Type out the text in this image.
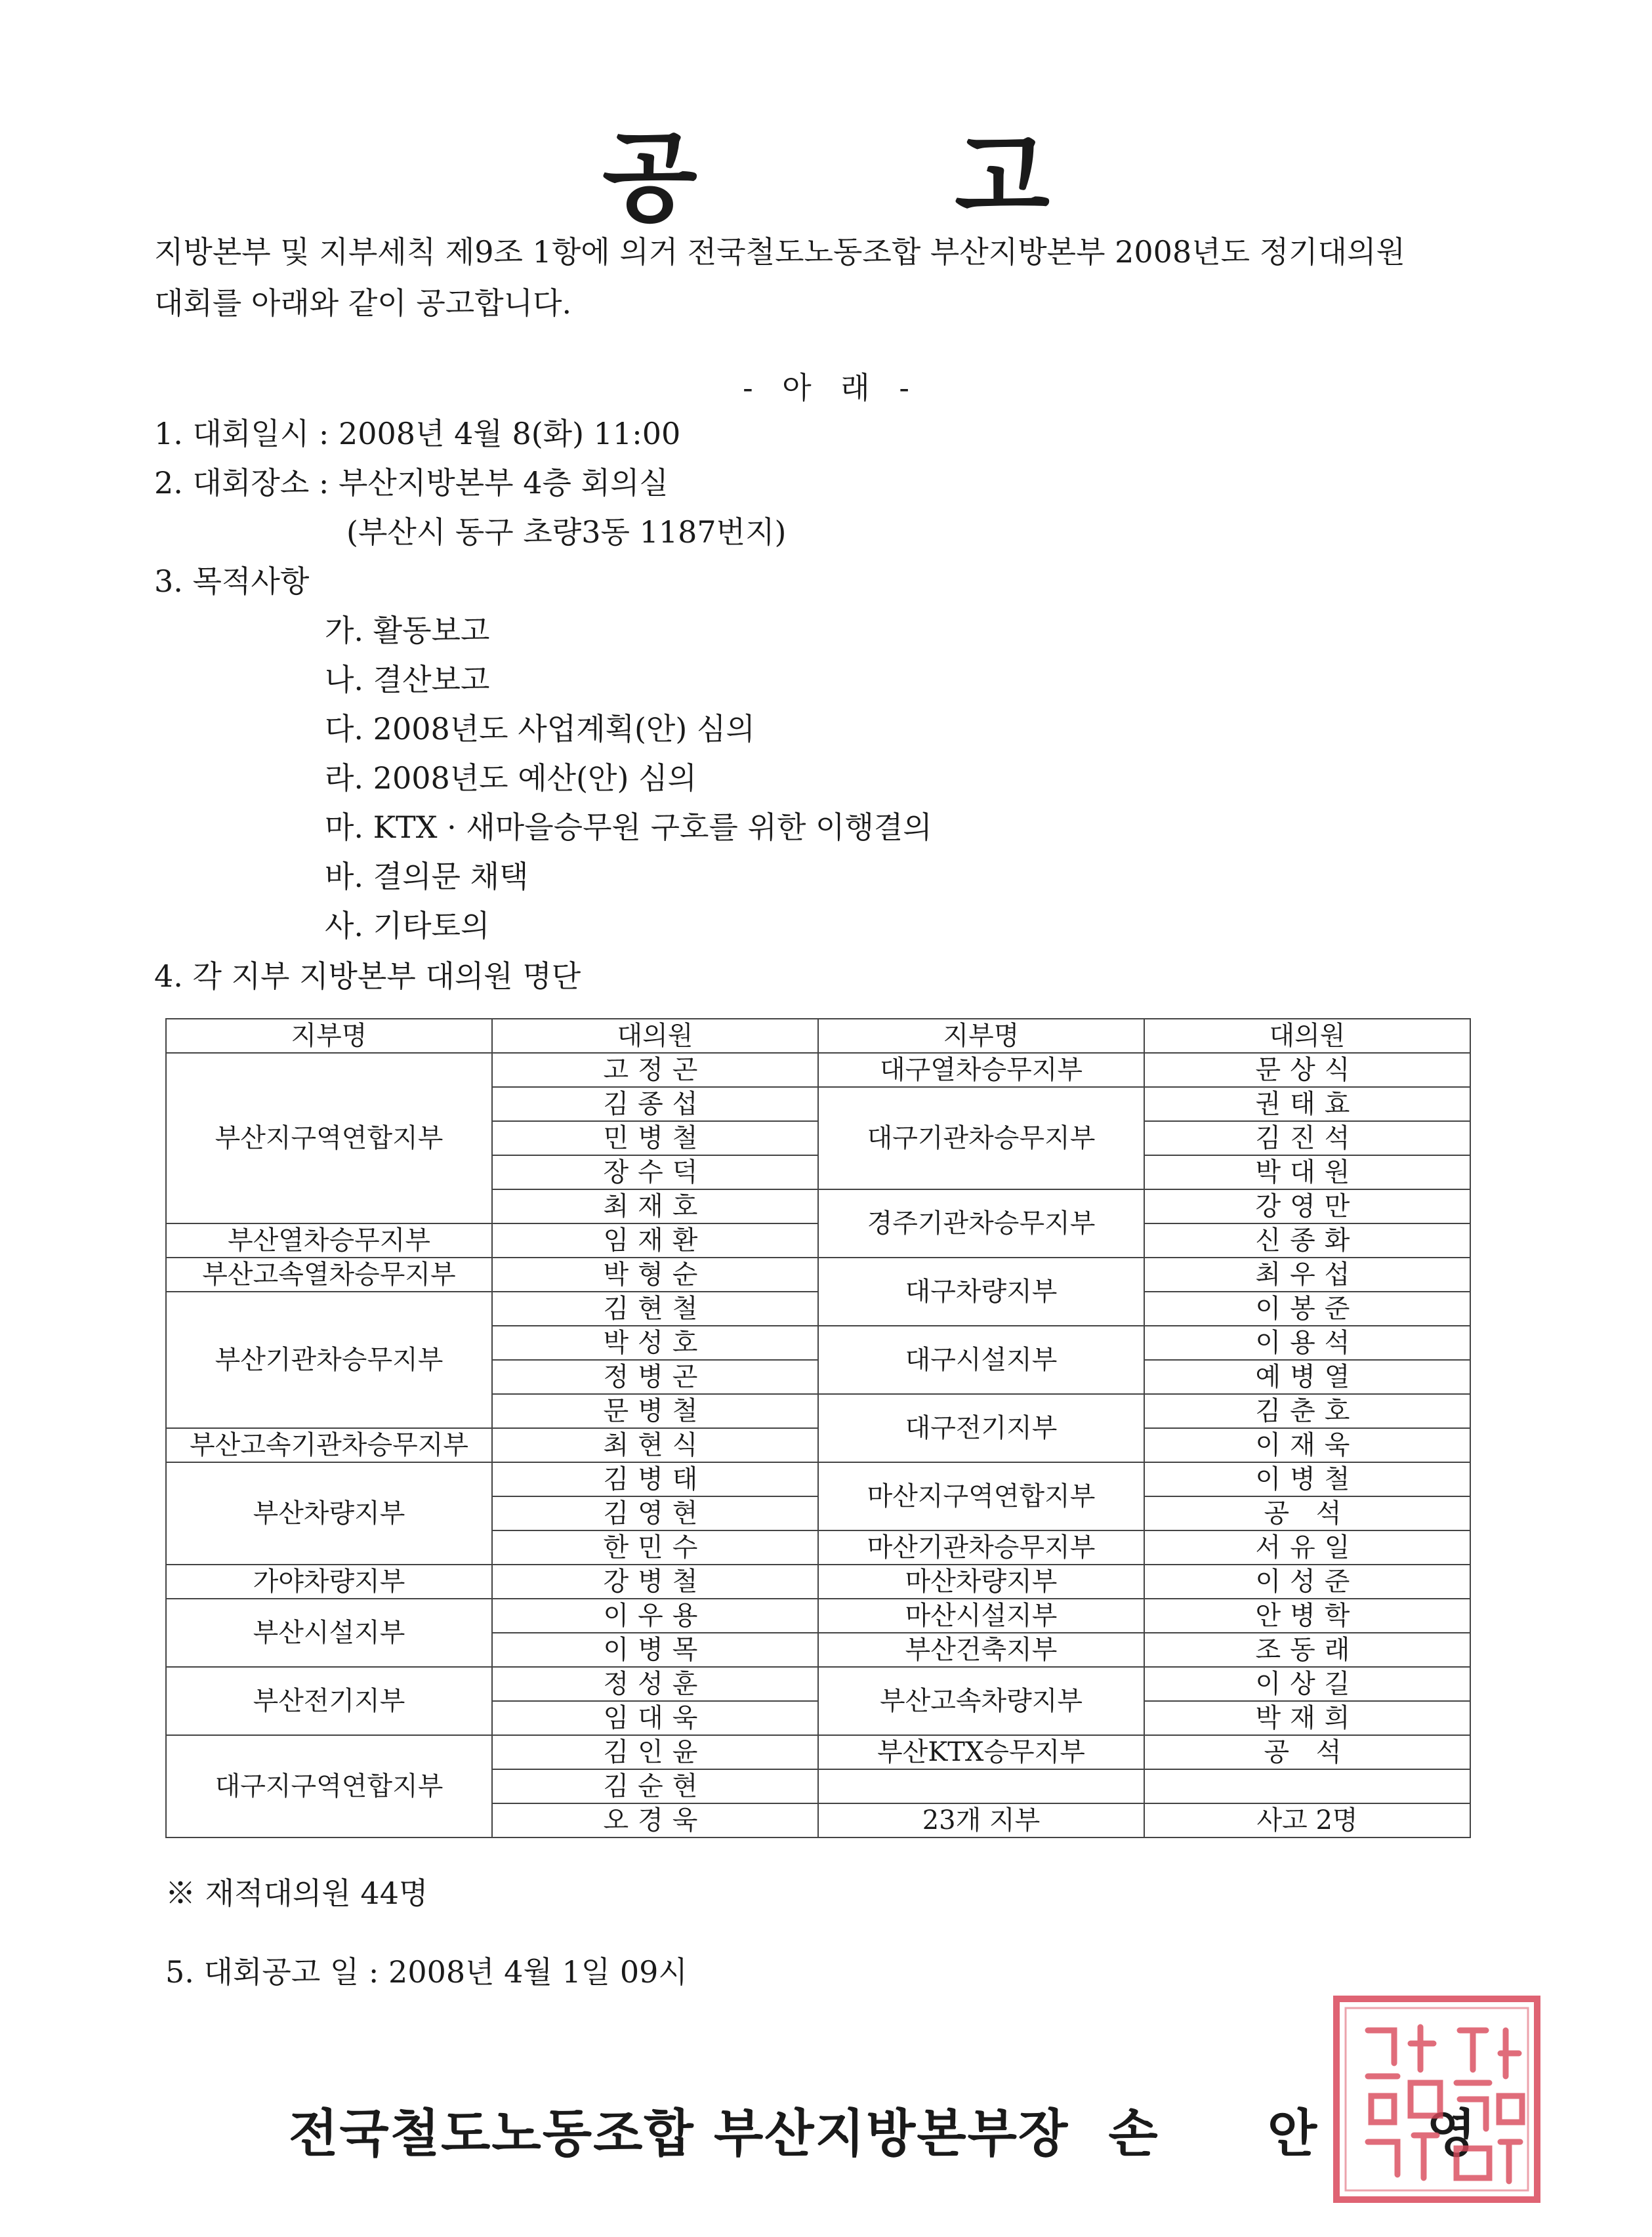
공 고
지방본부 및 지부세칙 제9조 1항에 의거 전국철도노동조합 부산지방본부 2008년도 정기대의원
대회를 아래와 같이 공고합니다.
- 아 래 -
1. 대회일시 : 2008년 4월 8(화) 11:00
2. 대회장소 : 부산지방본부 4층 회의실
(부산시 동구 초량3동 1187번지)
3. 목적사항
가. 활동보고
나. 결산보고
다. 2008년도 사업계획(안) 심의
라. 2008년도 예산(안) 심의
마. KTX · 새마을승무원 구호를 위한 이행결의
바. 결의문 채택
사. 기타토의
4. 각 지부 지방본부 대의원 명단
지부명	대의원	지부명	대의원
부산지구역연합지부	고정곤	대구열차승무지부	문상식
	김종섭	대구기관차승무지부	권태효
	민병철		김진석
	장수덕		박대원
	최재호	경주기관차승무지부	강영만
부산열차승무지부	임재환		신종화
부산고속열차승무지부	박형순	대구차량지부	최우섭
부산기관차승무지부	김현철		이봉준
	박성호	대구시설지부	이용석
	정병곤		예병열
	문병철	대구전기지부	김춘호
부산고속기관차승무지부	최현식		이재욱
부산차량지부	김병태	마산지구역연합지부	이병철
	김영현		공 석
	한민수	마산기관차승무지부	서유일
가야차량지부	강병철	마산차량지부	이성준
부산시설지부	이우용	마산시설지부	안병학
	이병목	부산건축지부	조동래
부산전기지부	정성훈	부산고속차량지부	이상길
	임대욱		박재희
대구지구역연합지부	김인윤	부산KTX승무지부	공 석
	김순현		
	오경욱	23개 지부	사고 2명
※ 재적대의원 44명
5. 대회공고 일 : 2008년 4월 1일 09시
전국철도노동조합 부산지방본부장 손 안 영
